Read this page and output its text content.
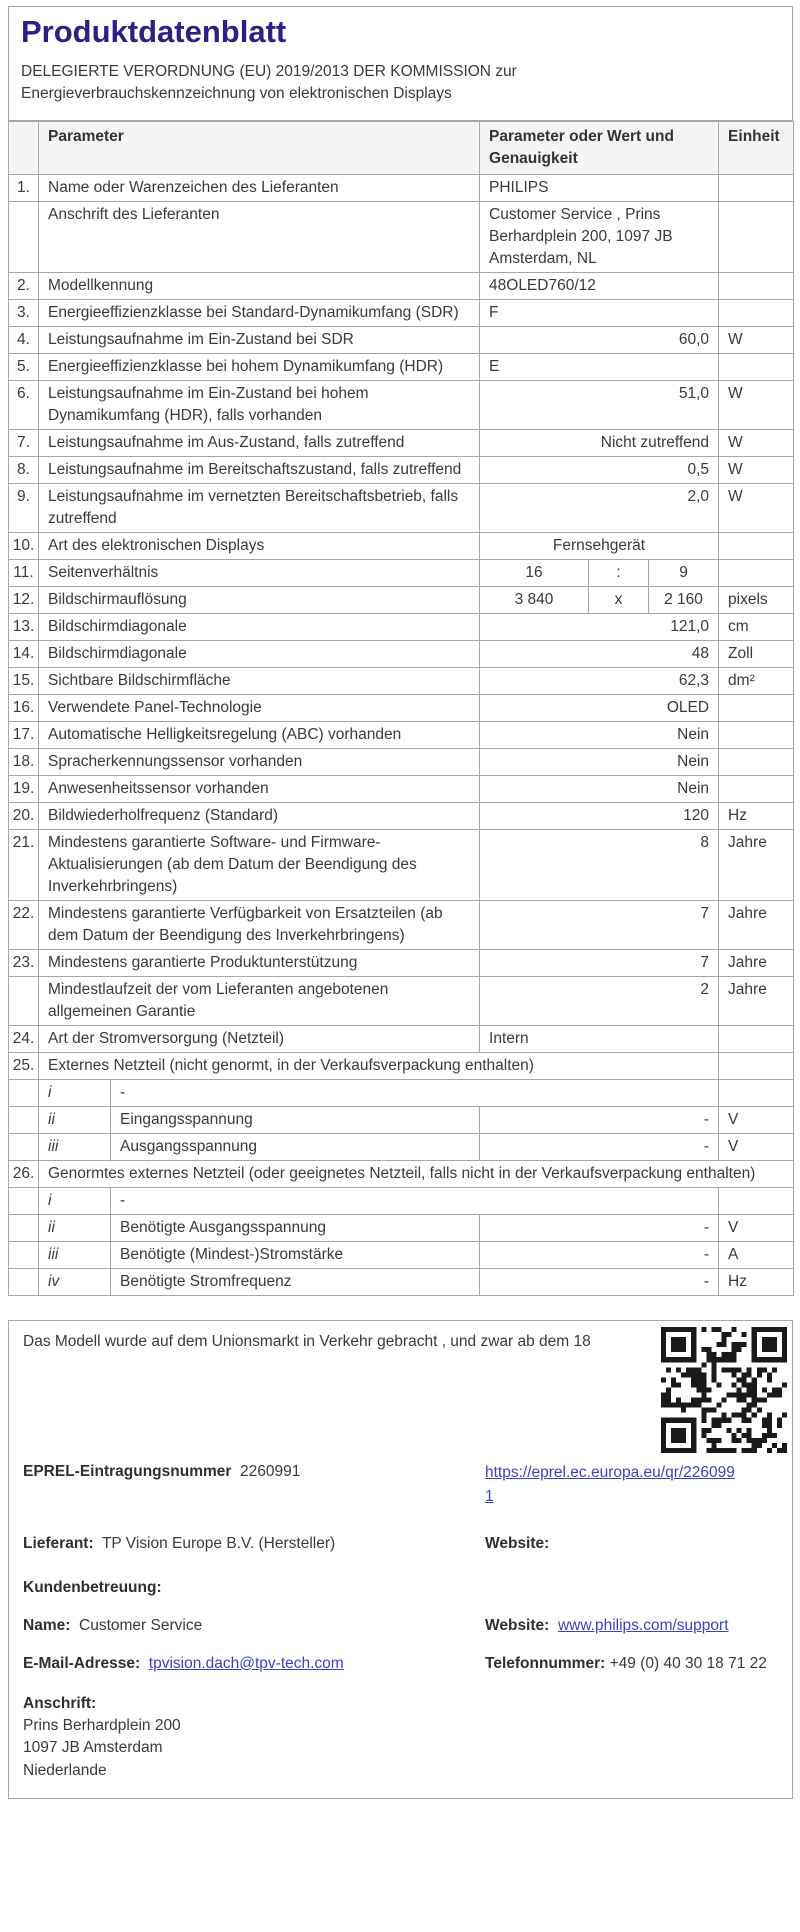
Produktdatenblatt
DELEGIERTE VERORDNUNG (EU) 2019/2013 DER KOMMISSION zur
Energieverbrauchskennzeichnung von elektronischen Displays
	Parameter		Parameter oder Wert und Genauigkeit			Einheit
1.	Name oder Warenzeichen des Lieferanten		PHILIPS			
	Anschrift des Lieferanten		Customer Service , Prins Berhardplein 200, 1097 JB Amsterdam, NL			
2.	Modellkennung		48OLED760/12			
3.	Energieeffizienzklasse bei Standard-Dynamikumfang (SDR)		F			
4.	Leistungsaufnahme im Ein-Zustand bei SDR		60,0			W
5.	Energieeffizienzklasse bei hohem Dynamikumfang (HDR)		E			
6.	Leistungsaufnahme im Ein-Zustand bei hohem Dynamikumfang (HDR), falls vorhanden		51,0			W
7.	Leistungsaufnahme im Aus-Zustand, falls zutreffend		Nicht zutreffend			W
8.	Leistungsaufnahme im Bereitschaftszustand, falls zutreffend		0,5			W
9.	Leistungsaufnahme im vernetzten Bereitschaftsbetrieb, falls zutreffend		2,0			W
10.	Art des elektronischen Displays		Fernsehgerät			
11.	Seitenverhältnis		16	:	9	
12.	Bildschirmauflösung		3 840	x	2 160	pixels
13.	Bildschirmdiagonale		121,0			cm
14.	Bildschirmdiagonale		48			Zoll
15.	Sichtbare Bildschirmfläche		62,3			dm²
16.	Verwendete Panel-Technologie		OLED			
17.	Automatische Helligkeitsregelung (ABC) vorhanden		Nein			
18.	Spracherkennungssensor vorhanden		Nein			
19.	Anwesenheitssensor vorhanden		Nein			
20.	Bildwiederholfrequenz (Standard)		120			Hz
21.	Mindestens garantierte Software- und Firmware-Aktualisierungen (ab dem Datum der Beendigung des Inverkehrbringens)		8			Jahre
22.	Mindestens garantierte Verfügbarkeit von Ersatzteilen (ab dem Datum der Beendigung des Inverkehrbringens)		7			Jahre
23.	Mindestens garantierte Produktunterstützung		7			Jahre
	Mindestlaufzeit der vom Lieferanten angebotenen allgemeinen Garantie		2			Jahre
24.	Art der Stromversorgung (Netzteil)		Intern			
25.	Externes Netzteil (nicht genormt, in der Verkaufsverpackung enthalten)					
	i	-				
	ii	Eingangsspannung	-			V
	iii	Ausgangsspannung	-			V
26.	Genormtes externes Netzteil (oder geeignetes Netzteil, falls nicht in der Verkaufsverpackung enthalten)					
	i	-				
	ii	Benötigte Ausgangsspannung	-			V
	iii	Benötigte (Mindest-)Stromstärke	-			A
	iv	Benötigte Stromfrequenz	-			Hz
Das Modell wurde auf dem Unionsmarkt in Verkehr gebracht , und zwar ab dem 18
EPREL-Eintragungsnummer 2260991	https://eprel.ec.europa.eu/qr/2260991
Lieferant: TP Vision Europe B.V. (Hersteller)	Website:
Kundenbetreuung:
Name: Customer Service	Website: www.philips.com/support
E-Mail-Adresse: tpvision.dach@tpv-tech.com	Telefonnummer: +49 (0) 40 30 18 71 22
Anschrift:
Prins Berhardplein 200
1097 JB Amsterdam
Niederlande
